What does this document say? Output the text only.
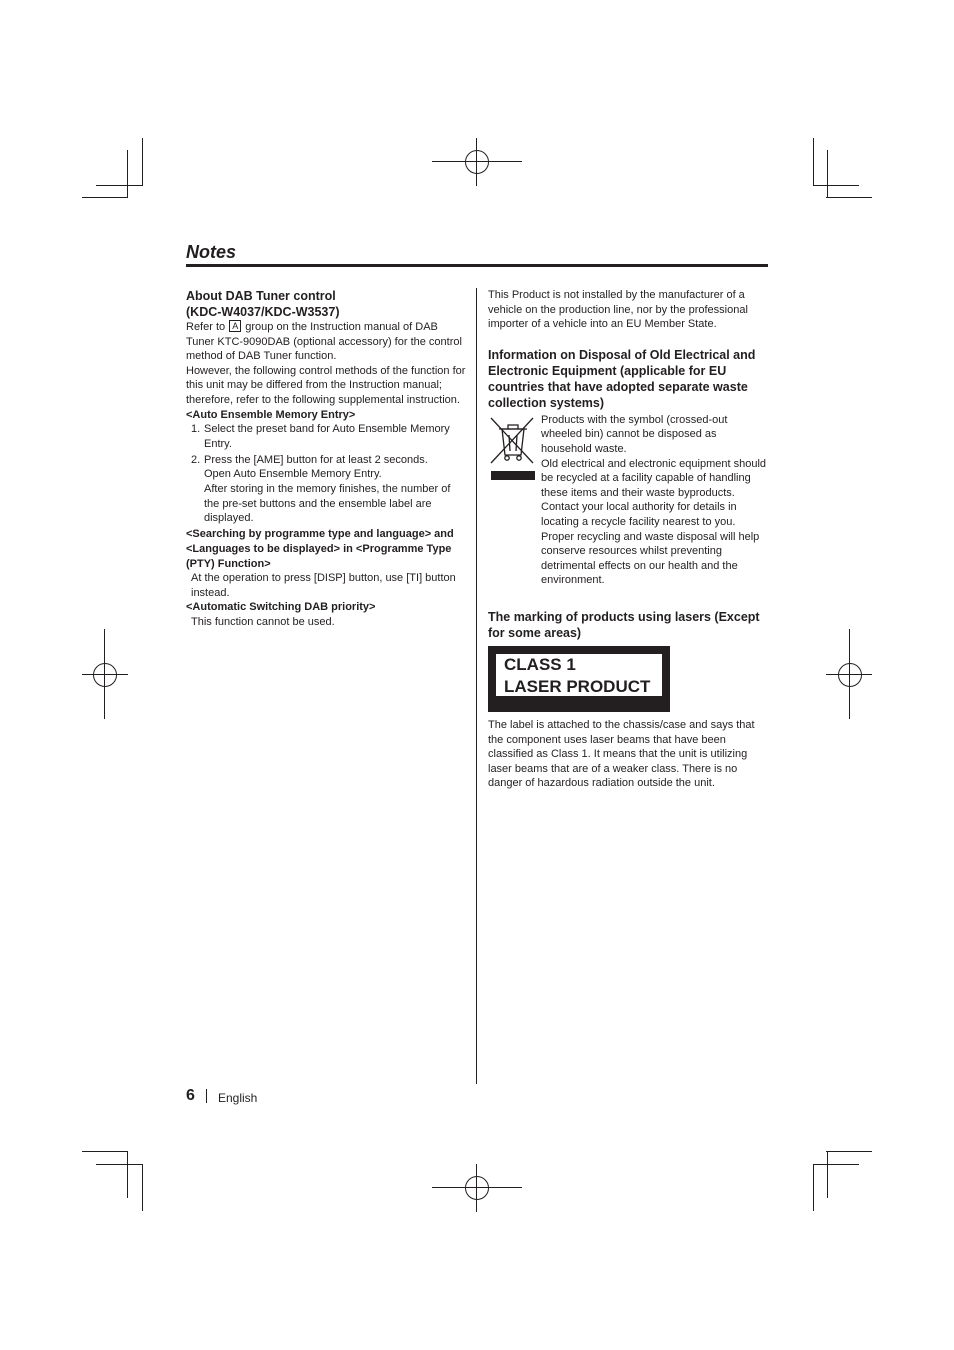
Notes

About DAB Tuner control
(KDC-W4037/KDC-W3537)

Refer to A group on the Instruction manual of DAB Tuner KTC-9090DAB (optional accessory) for the control method of DAB Tuner function.

However, the following control methods of the function for this unit may be differed from the Instruction manual; therefore, refer to the following supplemental instruction.

<Auto Ensemble Memory Entry>

1. Select the preset band for Auto Ensemble Memory Entry.
2. Press the [AME] button for at least 2 seconds.
Open Auto Ensemble Memory Entry.
After storing in the memory finishes, the number of the pre-set buttons and the ensemble label are displayed.

<Searching by programme type and language> and <Languages to be displayed> in <Programme Type (PTY) Function>

At the operation to press [DISP] button, use [TI] button instead.

<Automatic Switching DAB priority>

This function cannot be used.

This Product is not installed by the manufacturer of a vehicle on the production line, nor by the professional importer of a vehicle into an EU Member State.

Information on Disposal of Old Electrical and Electronic Equipment (applicable for EU countries that have adopted separate waste collection systems)

Products with the symbol (crossed-out wheeled bin) cannot be disposed as household waste.

Old electrical and electronic equipment should be recycled at a facility capable of handling these items and their waste byproducts. Contact your local authority for details in locating a recycle facility nearest to you. Proper recycling and waste disposal will help conserve resources whilst preventing detrimental effects on our health and the environment.

The marking of products using lasers (Except for some areas)

CLASS 1
LASER PRODUCT

The label is attached to the chassis/case and says that the component uses laser beams that have been classified as Class 1. It means that the unit is utilizing laser beams that are of a weaker class. There is no danger of hazardous radiation outside the unit.

6 English
